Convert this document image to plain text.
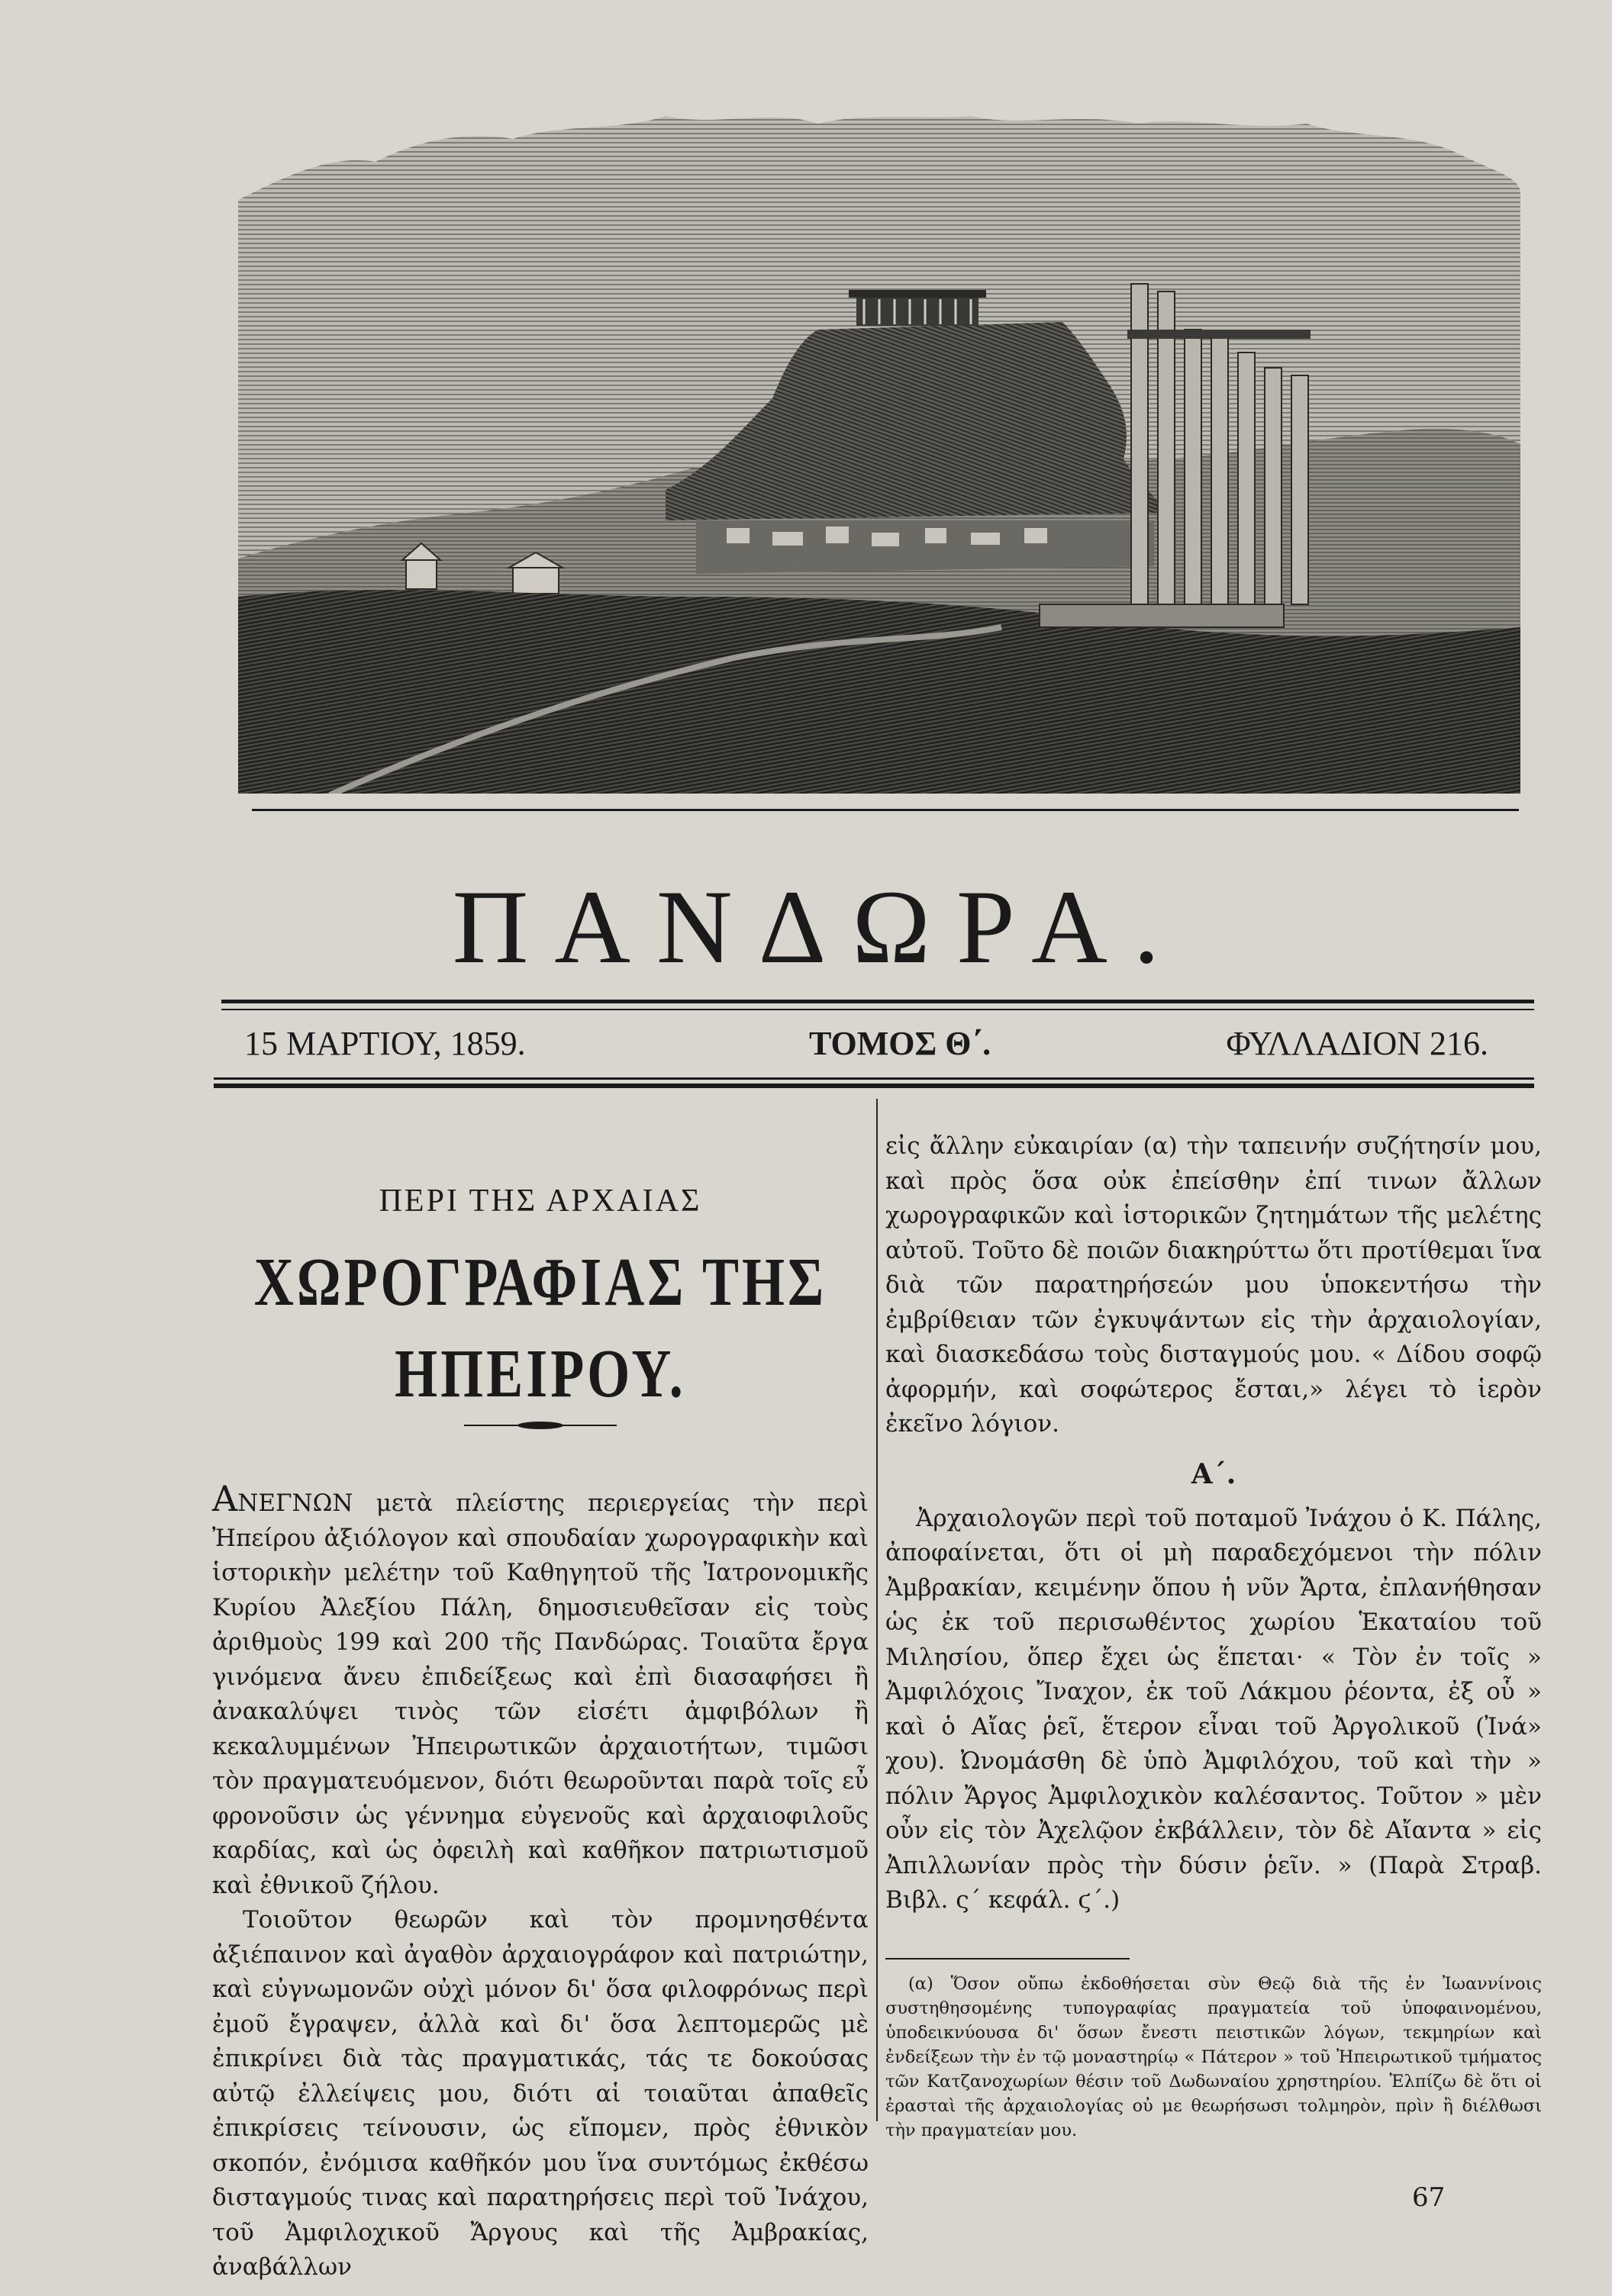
ΠΑΝΔΩΡΑ.
15 ΜΑΡΤΙΟΥ, 1859.	ΤΟΜΟΣ Θ΄.	ΦΥΛΛΑΔΙΟΝ 216.
ΠΕΡΙ ΤΗΣ ΑΡΧΑΙΑΣ
ΧΩΡΟΓΡΑΦΙΑΣ ΤΗΣ ΗΠΕΙΡΟΥ.

ΑΝΕΓΝΩΝ μετὰ πλείστης περιεργείας τὴν περὶ Ἠπείρου ἀξιόλογον καὶ σπουδαίαν χωρογραφικὴν καὶ ἱστορικὴν μελέτην τοῦ Καθηγητοῦ τῆς Ἰατρονομικῆς Κυρίου Ἀλεξίου Πάλη, δημοσιευθεῖσαν εἰς τοὺς ἀριθμοὺς 199 καὶ 200 τῆς Πανδώρας. Τοιαῦτα ἔργα γινόμενα ἄνευ ἐπιδείξεως καὶ ἐπὶ διασαφήσει ἢ ἀνακαλύψει τινὸς τῶν εἰσέτι ἀμφιβόλων ἢ κεκαλυμμένων Ἠπειρωτικῶν ἀρχαιοτήτων, τιμῶσι τὸν πραγματευόμενον, διότι θεωροῦνται παρὰ τοῖς εὖ φρονοῦσιν ὡς γέννημα εὐγενοῦς καὶ ἀρχαιοφιλοῦς καρδίας, καὶ ὡς ὀφειλὴ καὶ καθῆκον πατριωτισμοῦ καὶ ἐθνικοῦ ζήλου.

Τοιοῦτον θεωρῶν καὶ τὸν προμνησθέντα ἀξιέπαινον καὶ ἀγαθὸν ἀρχαιογράφον καὶ πατριώτην, καὶ εὐγνωμονῶν οὐχὶ μόνον δι' ὅσα φιλοφρόνως περὶ ἐμοῦ ἔγραψεν, ἀλλὰ καὶ δι' ὅσα λεπτομερῶς μὲ ἐπικρίνει διὰ τὰς πραγματικάς, τάς τε δοκούσας αὐτῷ ἐλλείψεις μου, διότι αἱ τοιαῦται ἀπαθεῖς ἐπικρίσεις τείνουσιν, ὡς εἴπομεν, πρὸς ἐθνικὸν σκοπόν, ἐνόμισα καθῆκόν μου ἵνα συντόμως ἐκθέσω δισταγμούς τινας καὶ παρατηρήσεις περὶ τοῦ Ἰνάχου, τοῦ Ἀμφιλοχικοῦ Ἄργους καὶ τῆς Ἀμβρακίας, ἀναβάλλων

εἰς ἄλλην εὐκαιρίαν (α) τὴν ταπεινήν συζήτησίν μου, καὶ πρὸς ὅσα οὐκ ἐπείσθην ἐπί τινων ἄλλων χωρογραφικῶν καὶ ἱστορικῶν ζητημάτων τῆς μελέτης αὐτοῦ. Τοῦτο δὲ ποιῶν διακηρύττω ὅτι προτίθεμαι ἵνα διὰ τῶν παρατηρήσεών μου ὑποκεντήσω τὴν ἐμβρίθειαν τῶν ἐγκυψάντων εἰς τὴν ἀρχαιολογίαν, καὶ διασκεδάσω τοὺς δισταγμούς μου. « Δίδου σοφῷ ἀφορμήν, καὶ σοφώτερος ἔσται,» λέγει τὸ ἱερὸν ἐκεῖνο λόγιον.

Α΄.

Ἀρχαιολογῶν περὶ τοῦ ποταμοῦ Ἰνάχου ὁ Κ. Πάλης, ἀποφαίνεται, ὅτι οἱ μὴ παραδεχόμενοι τὴν πόλιν Ἀμβρακίαν, κειμένην ὅπου ἡ νῦν Ἄρτα, ἐπλανήθησαν ὡς ἐκ τοῦ περισωθέντος χωρίου Ἑκαταίου τοῦ Μιλησίου, ὅπερ ἔχει ὡς ἕπεται· « Τὸν ἐν τοῖς » Ἀμφιλόχοις Ἴναχον, ἐκ τοῦ Λάκμου ῥέοντα, ἐξ οὗ » καὶ ὁ Αἴας ῥεῖ, ἕτερον εἶναι τοῦ Ἀργολικοῦ (Ἰνά» χου). Ὠνομάσθη δὲ ὑπὸ Ἀμφιλόχου, τοῦ καὶ τὴν » πόλιν Ἄργος Ἀμφιλοχικὸν καλέσαντος. Τοῦτον » μὲν οὖν εἰς τὸν Ἀχελῷον ἐκβάλλειν, τὸν δὲ Αἴαντα » εἰς Ἀπιλλωνίαν πρὸς τὴν δύσιν ῥεῖν. » (Παρὰ Στραβ. Βιβλ. ς΄ κεφάλ. ϛ΄.)

(α) Ὅσον οὔπω ἐκδοθήσεται σὺν Θεῷ διὰ τῆς ἐν Ἰωαννίνοις συστηθησομένης τυπογραφίας πραγματεία τοῦ ὑποφαινομένου, ὑποδεικνύουσα δι' ὅσων ἔνεστι πειστικῶν λόγων, τεκμηρίων καὶ ἐνδείξεων τὴν ἐν τῷ μοναστηρίῳ « Πάτερον » τοῦ Ἠπειρωτικοῦ τμήματος τῶν Κατζανοχωρίων θέσιν τοῦ Δωδωναίου χρηστηρίου. Ἐλπίζω δὲ ὅτι οἱ ἐρασταὶ τῆς ἀρχαιολογίας οὐ με θεωρήσωσι τολμηρὸν, πρὶν ἢ διέλθωσι τὴν πραγματείαν μου.

67
